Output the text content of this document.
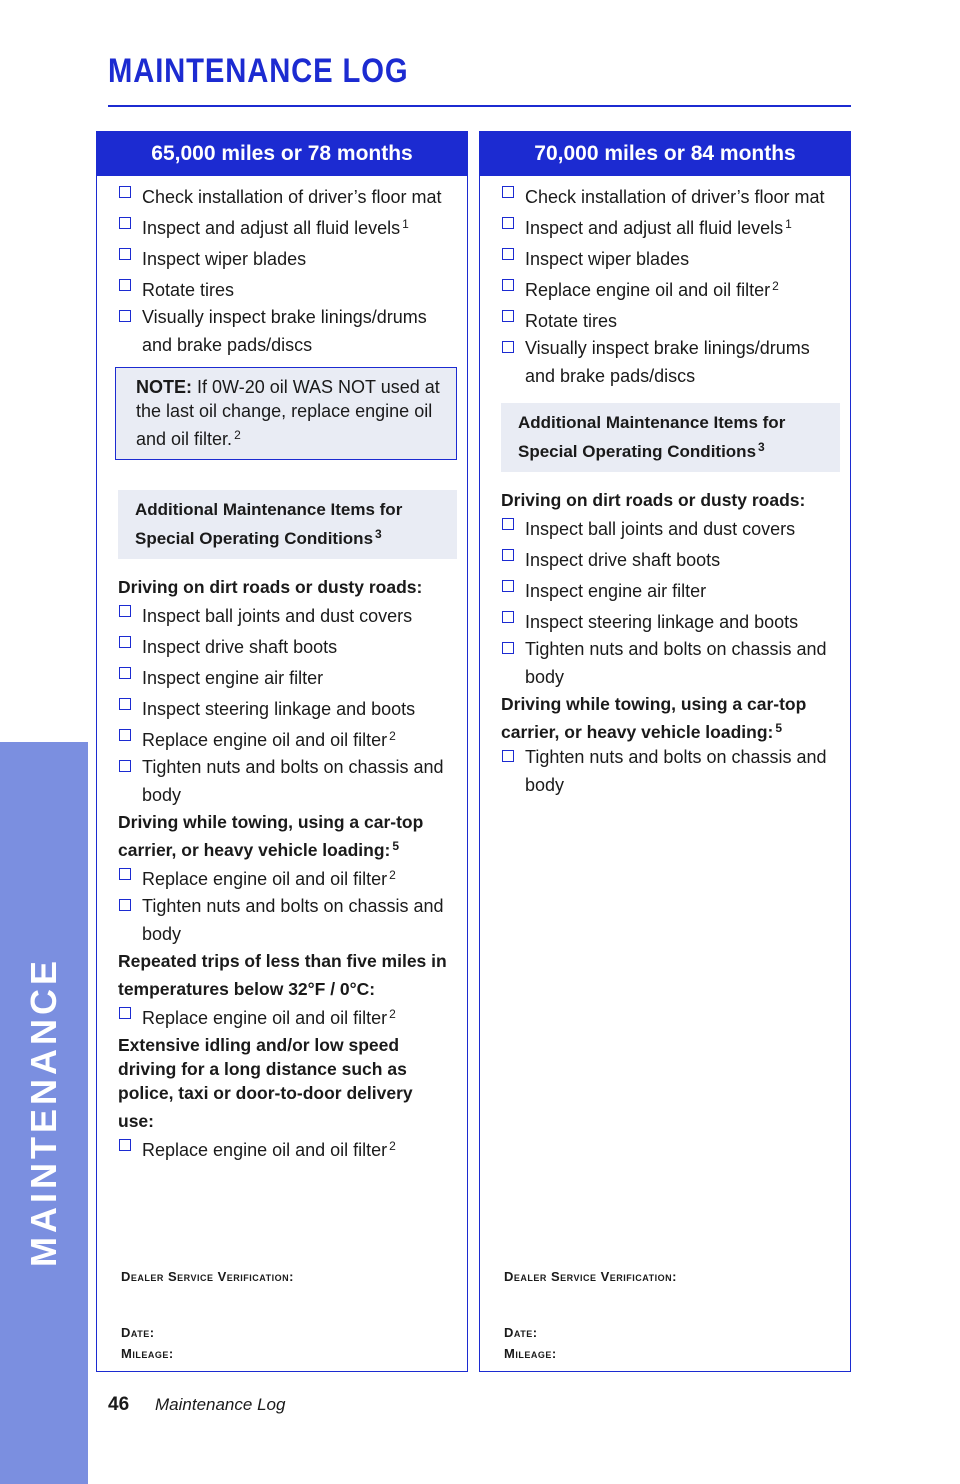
MAINTENANCE
MAINTENANCE LOG
65,000 miles or 78 months
Check installation of driver’s floor mat
Inspect and adjust all fluid levels $^1$
Inspect wiper blades
Rotate tires
Visually inspect brake linings/drums and brake pads/discs
NOTE: If 0W-20 oil WAS NOT used at the last oil change, replace engine oil and oil filter. $^2$
Additional Maintenance Items for Special Operating Conditions $^3$
Driving on dirt roads or dusty roads:
Inspect ball joints and dust covers
Inspect drive shaft boots
Inspect engine air filter
Inspect steering linkage and boots
Replace engine oil and oil filter $^2$
Tighten nuts and bolts on chassis and body
Driving while towing, using a car-top carrier, or heavy vehicle loading: $^5$
Replace engine oil and oil filter $^2$
Tighten nuts and bolts on chassis and body
Repeated trips of less than five miles in temperatures below 32°F / 0°C:
Replace engine oil and oil filter $^2$
Extensive idling and/or low speed driving for a long distance such as police, taxi or door-to-door delivery use:
Replace engine oil and oil filter $^2$
Dealer Service Verification:
Date:
Mileage:
70,000 miles or 84 months
Check installation of driver’s floor mat
Inspect and adjust all fluid levels $^1$
Inspect wiper blades
Replace engine oil and oil filter $^2$
Rotate tires
Visually inspect brake linings/drums and brake pads/discs
Additional Maintenance Items for Special Operating Conditions $^3$
Driving on dirt roads or dusty roads:
Inspect ball joints and dust covers
Inspect drive shaft boots
Inspect engine air filter
Inspect steering linkage and boots
Tighten nuts and bolts on chassis and body
Driving while towing, using a car-top carrier, or heavy vehicle loading: $^5$
Tighten nuts and bolts on chassis and body
Dealer Service Verification:
Date:
Mileage:
46 Maintenance Log
